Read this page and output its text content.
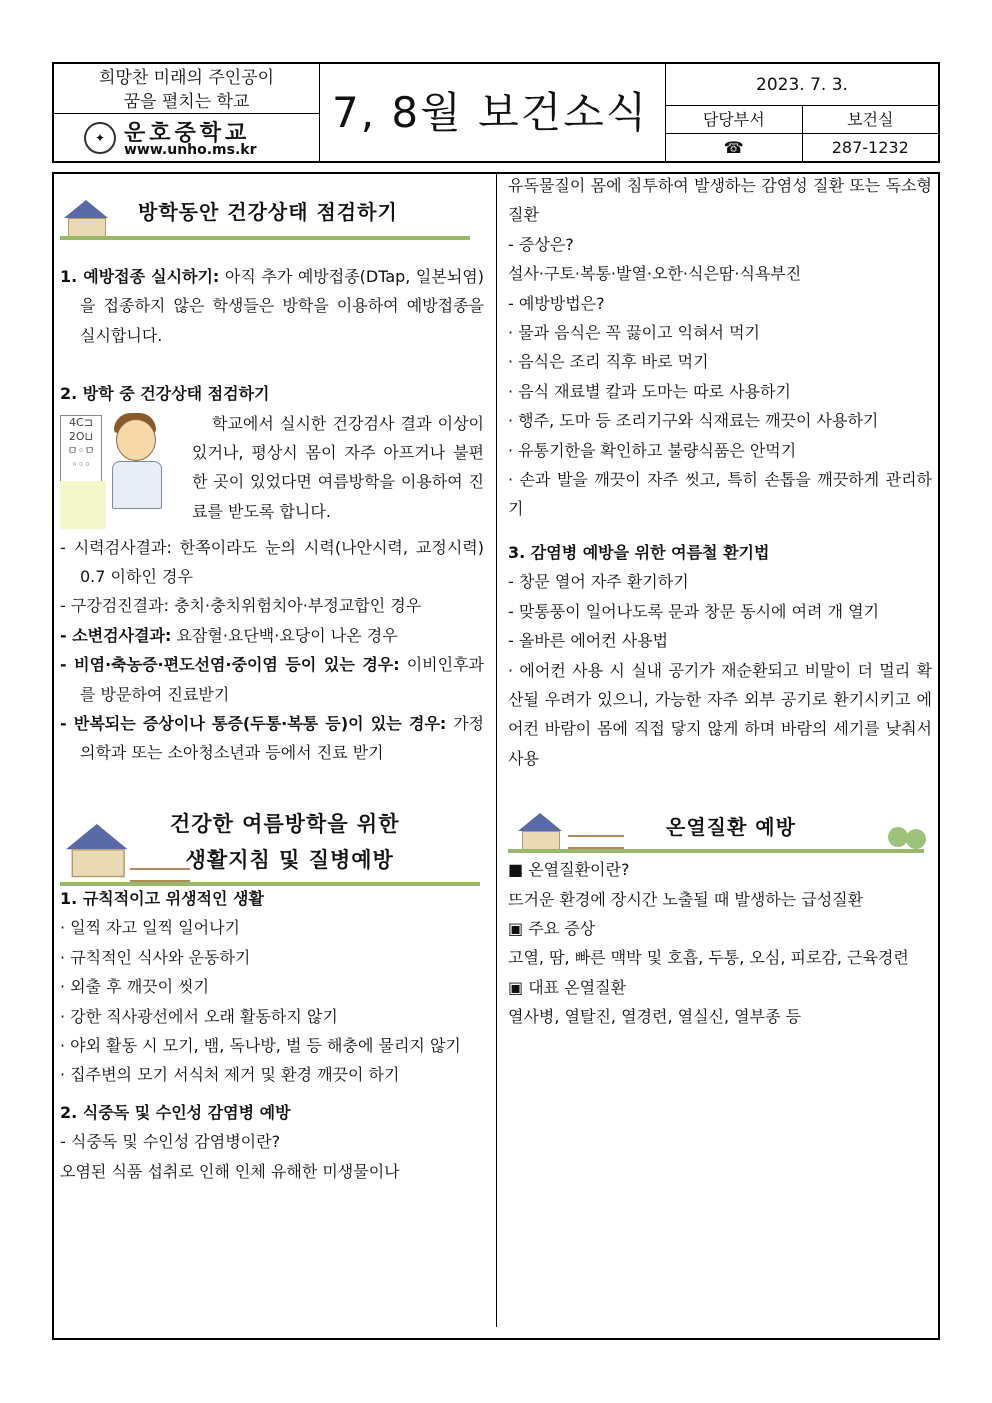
희망찬 미래의 주인공이
꿈을 펼치는 학교
✦ 운호중학교
www.unho.ms.kr
7, 8월 보건소식
2023. 7. 3.
담당부서	보건실
☎	287-1232
방학동안 건강상태 점검하기

1. 예방접종 실시하기: 아직 추가 예방접종(DTap, 일본뇌염)을 접종하지 않은 학생들은 방학을 이용하여 예방접종을 실시합니다.

2. 방학 중 건강상태 점검하기

4C⊐
2O⊔
ㅁ◦ㅁ
◦◦◦

학교에서 실시한 건강검사 결과 이상이 있거나, 평상시 몸이 자주 아프거나 불편한 곳이 있었다면 여름방학을 이용하여 진료를 받도록 합니다.

- 시력검사결과: 한쪽이라도 눈의 시력(나안시력, 교정시력) 0.7 이하인 경우

- 구강검진결과: 충치·충치위험치아·부정교합인 경우

- 소변검사결과: 요잠혈·요단백·요당이 나온 경우

- 비염·축농증·편도선염·중이염 등이 있는 경우: 이비인후과를 방문하여 진료받기

- 반복되는 증상이나 통증(두통·복통 등)이 있는 경우: 가정의학과 또는 소아청소년과 등에서 진료 받기

건강한 여름방학을 위한
생활지침 및 질병예방

1. 규칙적이고 위생적인 생활

· 일찍 자고 일찍 일어나기

· 규칙적인 식사와 운동하기

· 외출 후 깨끗이 씻기

· 강한 직사광선에서 오래 활동하지 않기

· 야외 활동 시 모기, 뱀, 독나방, 벌 등 해충에 물리지 않기

· 집주변의 모기 서식처 제거 및 환경 깨끗이 하기

2. 식중독 및 수인성 감염병 예방

- 식중독 및 수인성 감염병이란?

오염된 식품 섭취로 인해 인체 유해한 미생물이나

유독물질이 몸에 침투하여 발생하는 감염성 질환 또는 독소형 질환

- 증상은?

설사·구토·복통·발열·오한·식은땀·식욕부진

- 예방방법은?

· 물과 음식은 꼭 끓이고 익혀서 먹기

· 음식은 조리 직후 바로 먹기

· 음식 재료별 칼과 도마는 따로 사용하기

· 행주, 도마 등 조리기구와 식재료는 깨끗이 사용하기

· 유통기한을 확인하고 불량식품은 안먹기

· 손과 발을 깨끗이 자주 씻고, 특히 손톱을 깨끗하게 관리하기

3. 감염병 예방을 위한 여름철 환기법

- 창문 열어 자주 환기하기

- 맞통풍이 일어나도록 문과 창문 동시에 여려 개 열기

- 올바른 에어컨 사용법

· 에어컨 사용 시 실내 공기가 재순환되고 비말이 더 멀리 확산될 우려가 있으니, 가능한 자주 외부 공기로 환기시키고 에어컨 바람이 몸에 직접 닿지 않게 하며 바람의 세기를 낮춰서 사용

온열질환 예방

■ 온열질환이란?

뜨거운 환경에 장시간 노출될 때 발생하는 급성질환

▣ 주요 증상

고열, 땀, 빠른 맥박 및 호흡, 두통, 오심, 피로감, 근육경련

▣ 대표 온열질환

열사병, 열탈진, 열경련, 열실신, 열부종 등
